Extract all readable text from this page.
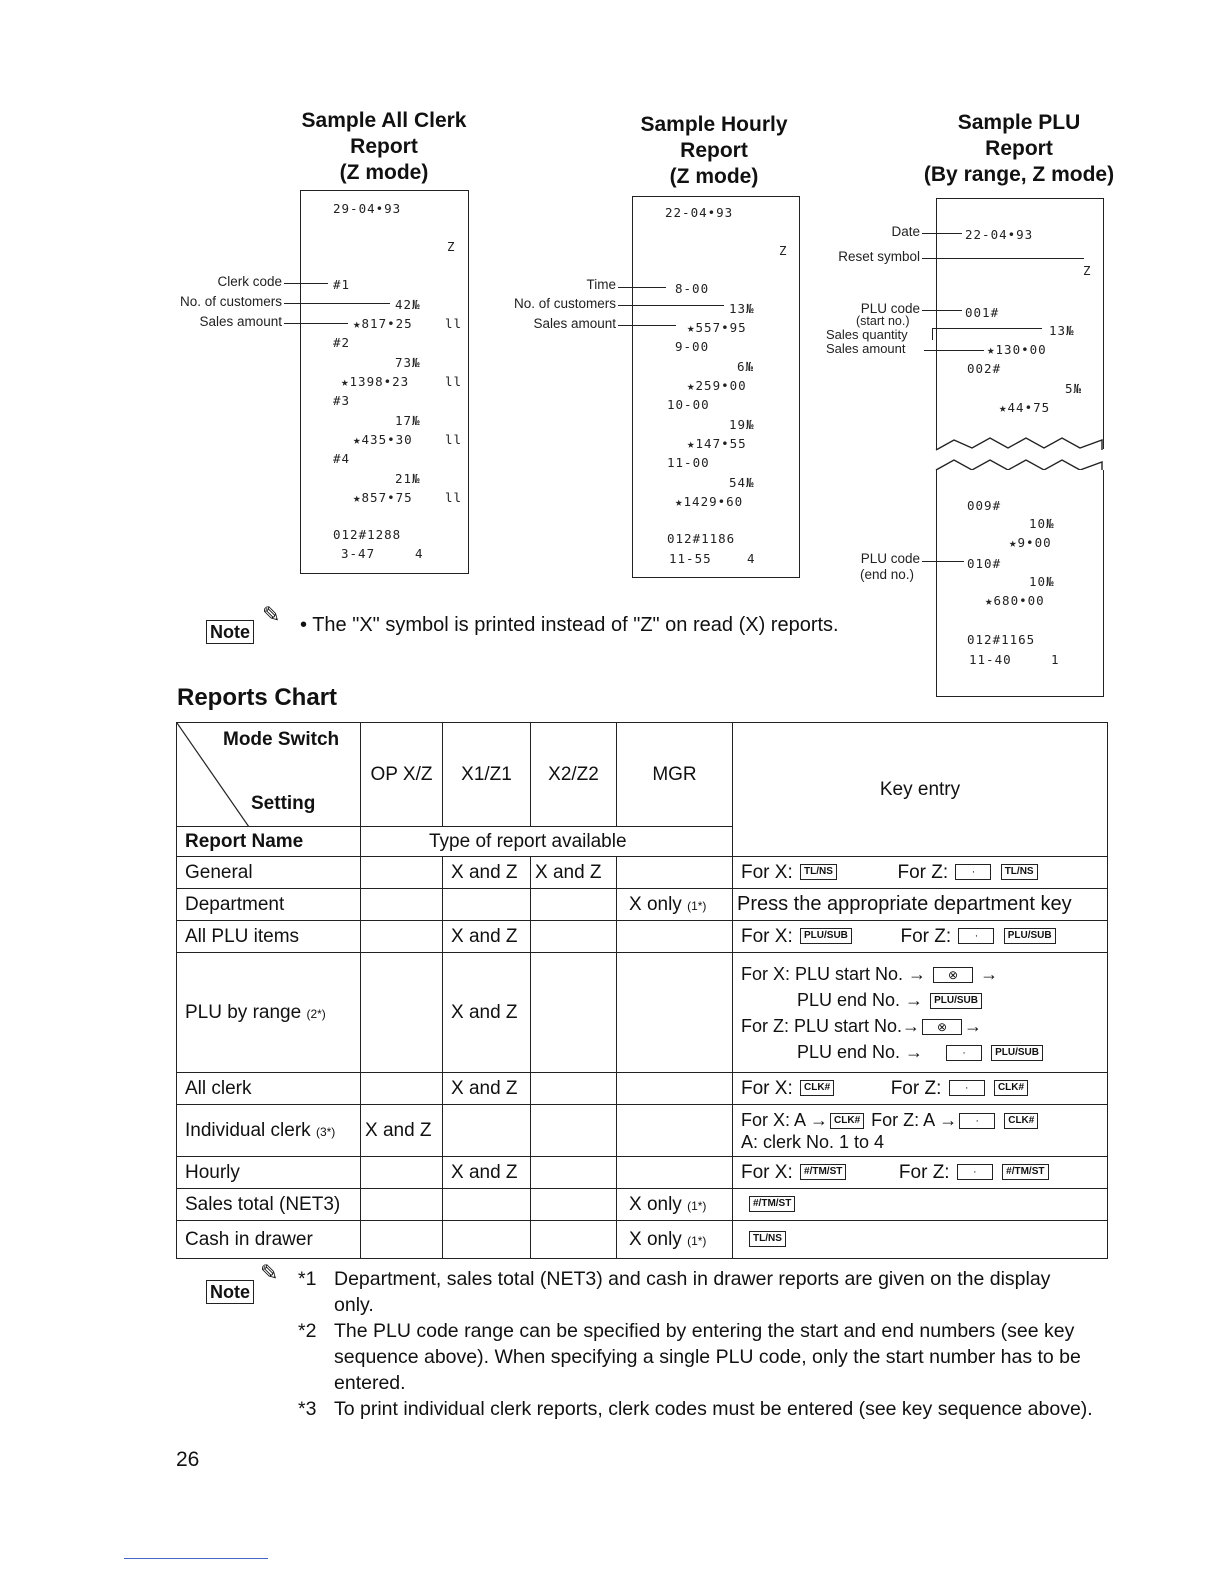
Sample All Clerk
Report
(Z mode)
29-04•93
Z
#1
42№
★817•25	ll
#2
73№
★1398•23	ll
#3
17№
★435•30	ll
#4
21№
★857•75	ll
012#1288
3-47	4
Clerk code
No. of customers
Sales amount
Sample Hourly
Report
(Z mode)
22-04•93
Z
8-00
13№
★557•95
9-00
6№
★259•00
10-00
19№
★147•55
11-00
54№
★1429•60
012#1186
11-55	4
Time
No. of customers
Sales amount
Sample PLU
Report
(By range, Z mode)
22-04•93
Z
001#
13№
★130•00
002#
5№
★44•75
009#
10№
★9•00
010#
10№
★680•00
012#1165
11-40	1
Date
Reset symbol
PLU code
(start no.)
Sales quantity
Sales amount
PLU code
(end no.)
Note
✎ • The "X" symbol is printed instead of "Z" on read (X) reports.
Reports Chart
Mode Switch
Setting	OP X/Z	X1/Z1	X2/Z2	MGR	Key entry
Report Name	Type of report available				
General		X and Z	X and Z		For X: TL/NS For Z: · TL/NS
Department				X only (1*)	Press the appropriate department key
All PLU items		X and Z			For X: PLU/SUB For Z: · PLU/SUB
PLU by range (2*)		X and Z			For X: PLU start No. → ⊗ →
PLU end No. → PLU/SUB
For Z: PLU start No.→ ⊗ →
PLU end No. → · PLU/SUB

All clerk		X and Z			For X: CLK# For Z: · CLK#
Individual clerk (3*)	X and Z				For X: A → CLK# For Z: A → · CLK#
A: clerk No. 1 to 4

Hourly		X and Z			For X: #/TM/ST For Z: · #/TM/ST
Sales total (NET3)				X only (1*)	#/TM/ST
Cash in drawer				X only (1*)	TL/NS
Note
✎ *1 Department, sales total (NET3) and cash in drawer reports are given on the display only.
*2 The PLU code range can be specified by entering the start and end numbers (see key sequence above). When specifying a single PLU code, only the start number has to be entered.
*3 To print individual clerk reports, clerk codes must be entered (see key sequence above).
26
